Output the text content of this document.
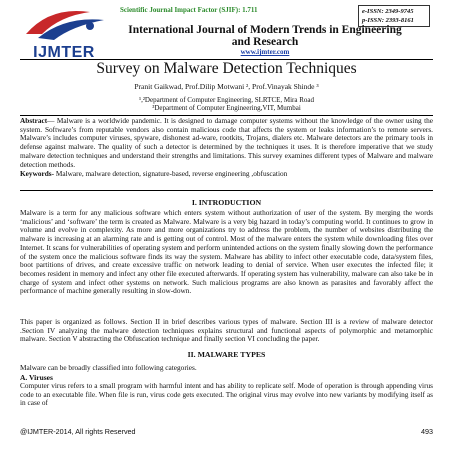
IJMTER
Scientific Journal Impact Factor (SJIF): 1.711	e-ISSN: 2349-9745
p-ISSN: 2393-8161
International Journal of Modern Trends in Engineering
and Research
www.ijmter.com
Survey on Malware Detection Techniques
Pranit Gaikwad, Prof.Dilip Motwani ², Prof.Vinayak Shinde ³
¹,²Department of Computer Engineering, SLRTCE, Mira Road
³Department of Computer Engineering,VIT, Mumbai

Abstract— Malware is a worldwide pandemic. It is designed to damage computer systems without the knowledge of the owner using the system. Software’s from reputable vendors also contain malicious code that affects the system or leaks information’s to remote servers. Malware’s includes computer viruses, spyware, dishonest ad-ware, rootkits, Trojans, dialers etc. Malware detectors are the primary tools in defense against malware. The quality of such a detector is determined by the techniques it uses. It is therefore imperative that we study malware detection techniques and understand their strengths and limitations. This survey examines different types of Malware and malware detection methods.

Keywords- Malware, malware detection, signature-based, reverse engineering ,obfuscation

I. INTRODUCTION

Malware is a term for any malicious software which enters system without authorization of user of the system. By merging the words ‘malicious’ and ‘software’ the term is created as Malware. Malware is a very big hazard in today’s computing world. It continues to grow in volume and evolve in complexity. As more and more organizations try to address the problem, the number of websites distributing the malware is increasing at an alarming rate and is getting out of control. Most of the malware enters the system while downloading files over Internet. It scans for vulnerabilities of operating system and perform unintended actions on the system finally slowing down the performance of the system once the malicious software finds its way the system. Malware has ability to infect other executable code, data/system files, boot partitions of drives, and create excessive traffic on network leading to denial of service. When user executes the infected file; it becomes resident in memory and infect any other file executed afterwards. If operating system has vulnerability, malware can also take be in charge of system and infect other systems on network. Such malicious programs are also known as parasites and favorably affect the performance of machine generally resulting in slow-down.

This paper is organized as follows. Section II in brief describes various types of malware. Section III is a review of malware detector .Section IV analyzing the malware detection techniques explains structural and functional aspects of polymorphic and metamorphic malware. Section V abstracting the Obfuscation technique and finally section VI concluding the paper.

II. MALWARE TYPES
Malware can be broadly classified into following categories.
A. Viruses

Computer virus refers to a small program with harmful intent and has ability to replicate self. Mode of operation is through appending virus code to an executable file. When file is run, virus code gets executed. The original virus may evolve into new variants by modifying itself as in case of

@IJMTER-2014, All rights Reserved	493
